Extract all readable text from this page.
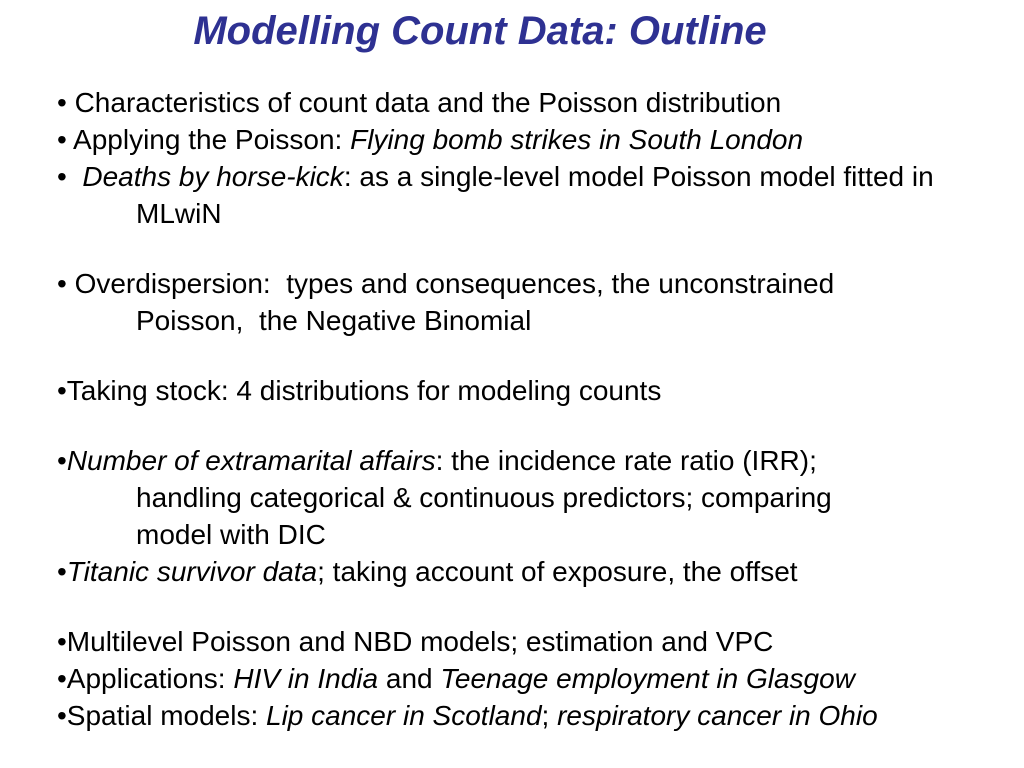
Modelling Count Data: Outline
• Characteristics of count data and the Poisson distribution
• Applying the Poisson: Flying bomb strikes in South London
•  Deaths by horse-kick: as a single-level model Poisson model fitted in
MLwiN
• Overdispersion:  types and consequences, the unconstrained
Poisson,  the Negative Binomial
•Taking stock: 4 distributions for modeling counts
•Number of extramarital affairs: the incidence rate ratio (IRR);
handling categorical & continuous predictors; comparing
model with DIC
•Titanic survivor data; taking account of exposure, the offset
•Multilevel Poisson and NBD models; estimation and VPC
•Applications: HIV in India and Teenage employment in Glasgow
•Spatial models: Lip cancer in Scotland; respiratory cancer in Ohio
